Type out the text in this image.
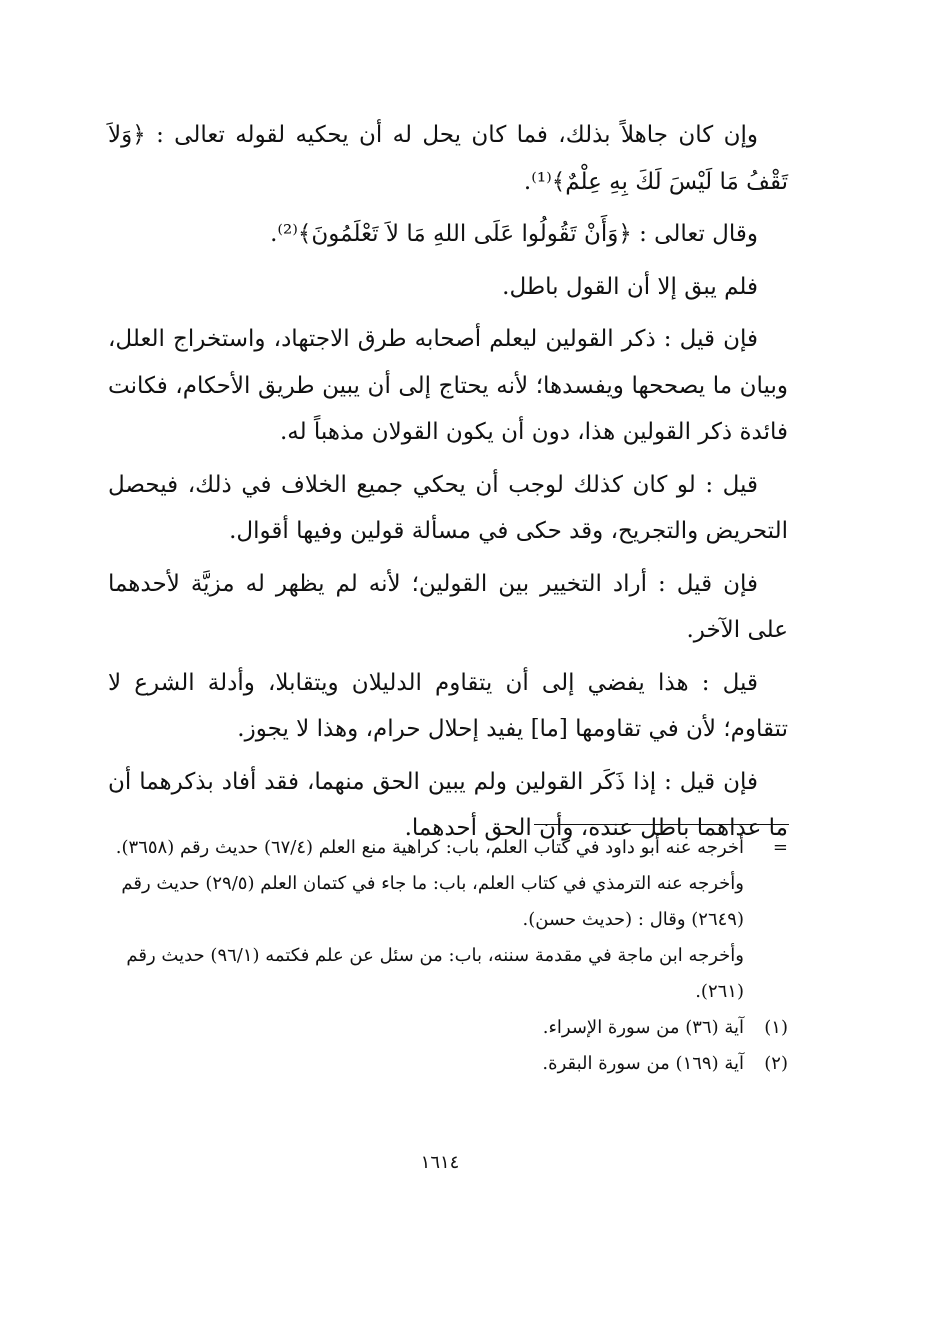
وإن كان جاهلاً بذلك، فما كان يحل له أن يحكيه لقوله تعالى : ﴿وَلاَ تَقْفُ مَا لَيْسَ لَكَ بِهِ عِلْمٌ﴾⁽¹⁾.

وقال تعالى : ﴿وَأَنْ تَقُولُوا عَلَى اللهِ مَا لاَ تَعْلَمُونَ﴾⁽²⁾.

فلم يبق إلا أن القول باطل.

فإن قيل : ذكر القولين ليعلم أصحابه طرق الاجتهاد، واستخراج العلل، وبيان ما يصححها ويفسدها؛ لأنه يحتاج إلى أن يبين طريق الأحكام، فكانت فائدة ذكر القولين هذا، دون أن يكون القولان مذهباً له.

قيل : لو كان كذلك لوجب أن يحكي جميع الخلاف في ذلك، فيحصل التحريض والتجريح، وقد حكى في مسألة قولين وفيها أقوال.

فإن قيل : أراد التخيير بين القولين؛ لأنه لم يظهر له مزيَّة لأحدهما على الآخر.

قيل : هذا يفضي إلى أن يتقاوم الدليلان ويتقابلا، وأدلة الشرع لا تتقاوم؛ لأن في تقاومها [ما] يفيد إحلال حرام، وهذا لا يجوز.

فإن قيل : إذا ذَكَر القولين ولم يبين الحق منهما، فقد أفاد بذكرهما أن ما عداهما باطل عنده، وأن الحق أحدهما.

=

أخرجه عنه أبو داود في كتاب العلم، باب: كراهية منع العلم (٦٧/٤) حديث رقم (٣٦٥٨).

وأخرجه عنه الترمذي في كتاب العلم، باب: ما جاء في كتمان العلم (٢٩/٥) حديث رقم (٢٦٤٩) وقال : (حديث حسن).

وأخرجه ابن ماجة في مقدمة سننه، باب: من سئل عن علم فكتمه (٩٦/١) حديث رقم (٢٦١).

(١)
آية (٣٦) من سورة الإسراء.

(٢)
آية (١٦٩) من سورة البقرة.

١٦١٤
